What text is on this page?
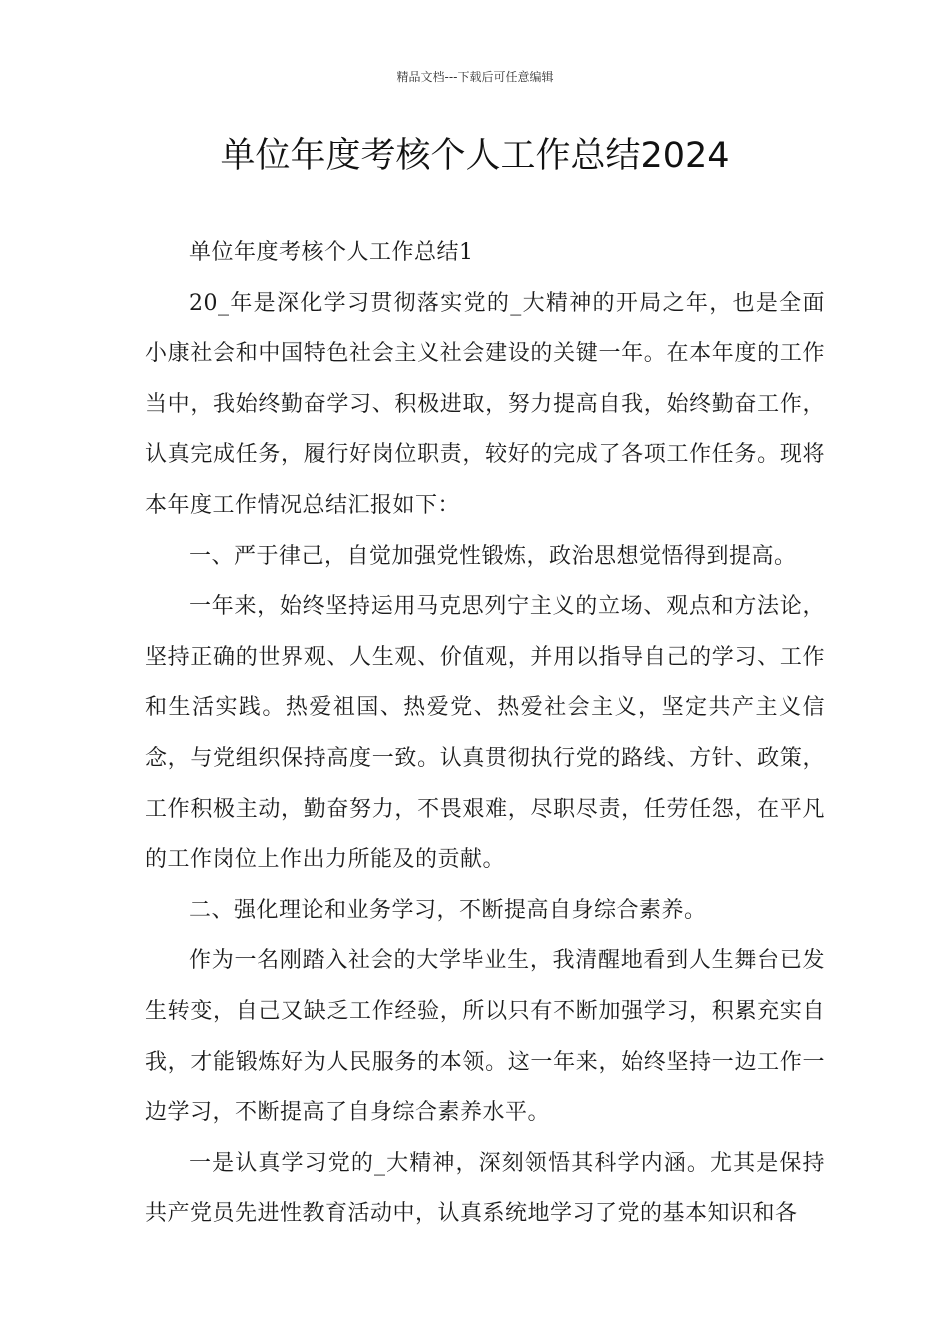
精品文档---下载后可任意编辑
单位年度考核个人工作总结2024

单位年度考核个人工作总结1

20_年是深化学习贯彻落实党的_大精神的开局之年，也是全面小康社会和中国特色社会主义社会建设的关键一年。在本年度的工作当中，我始终勤奋学习、积极进取，努力提高自我，始终勤奋工作，认真完成任务，履行好岗位职责，较好的完成了各项工作任务。现将本年度工作情况总结汇报如下：

一、严于律己，自觉加强党性锻炼，政治思想觉悟得到提高。

一年来，始终坚持运用马克思列宁主义的立场、观点和方法论，坚持正确的世界观、人生观、价值观，并用以指导自己的学习、工作和生活实践。热爱祖国、热爱党、热爱社会主义，坚定共产主义信念，与党组织保持高度一致。认真贯彻执行党的路线、方针、政策，工作积极主动，勤奋努力，不畏艰难，尽职尽责，任劳任怨，在平凡的工作岗位上作出力所能及的贡献。

二、强化理论和业务学习，不断提高自身综合素养。

作为一名刚踏入社会的大学毕业生，我清醒地看到人生舞台已发生转变，自己又缺乏工作经验，所以只有不断加强学习，积累充实自我，才能锻炼好为人民服务的本领。这一年来，始终坚持一边工作一边学习，不断提高了自身综合素养水平。

一是认真学习党的_大精神，深刻领悟其科学内涵。尤其是保持共产党员先进性教育活动中，认真系统地学习了党的基本知识和各
